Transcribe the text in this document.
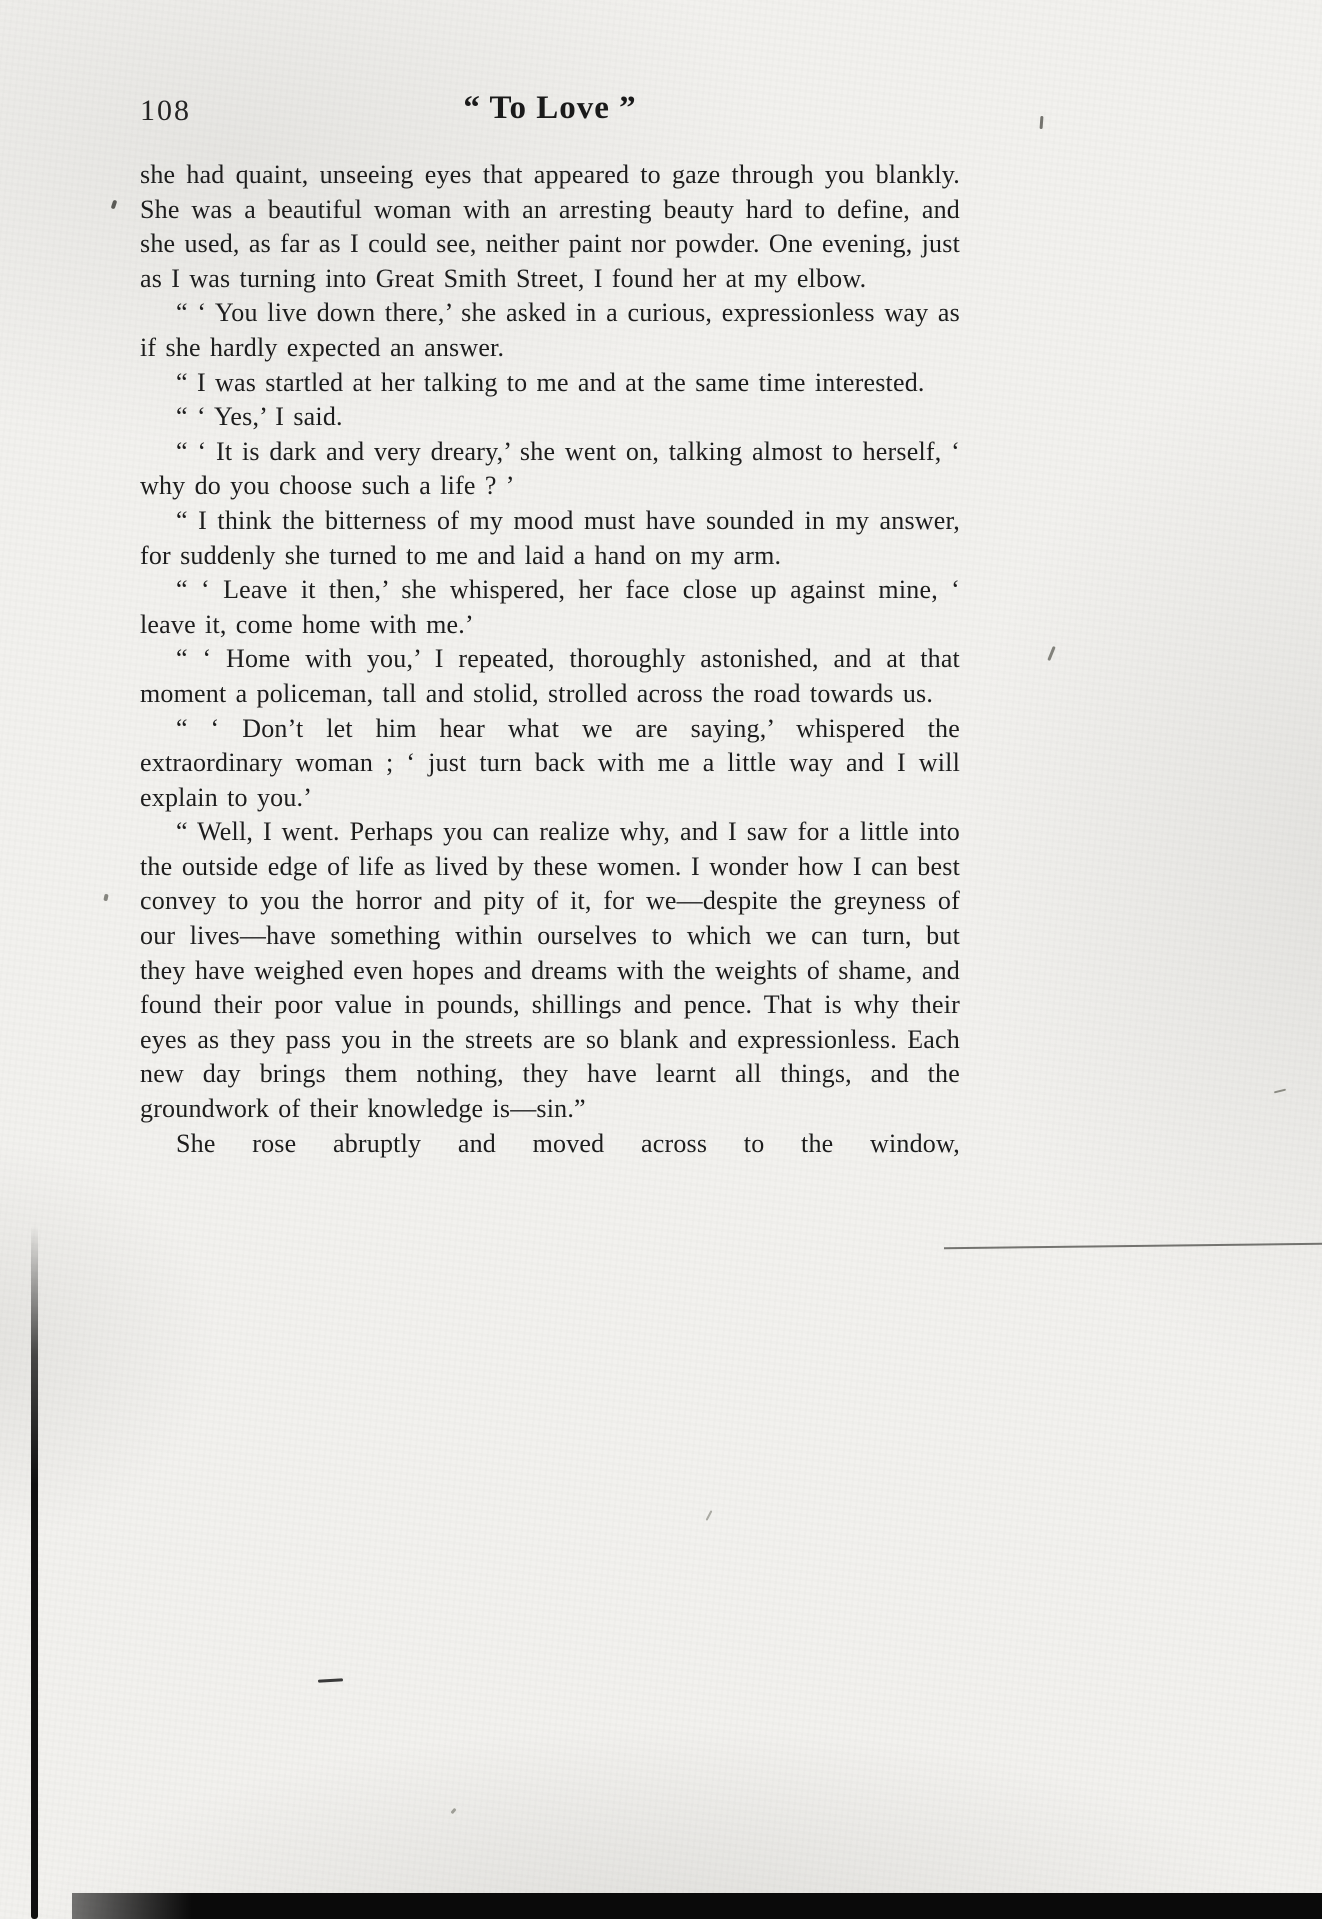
108	“ To Love ”

she had quaint, unseeing eyes that appeared to gaze through you blankly. She was a beautiful woman with an arresting beauty hard to define, and she used, as far as I could see, neither paint nor powder. One evening, just as I was turning into Great Smith Street, I found her at my elbow.

“ ‘ You live down there,’ she asked in a curious, expressionless way as if she hardly expected an answer.

“ I was startled at her talking to me and at the same time interested.

“ ‘ Yes,’ I said.

“ ‘ It is dark and very dreary,’ she went on, talking almost to herself, ‘ why do you choose such a life ? ’

“ I think the bitterness of my mood must have sounded in my answer, for suddenly she turned to me and laid a hand on my arm.

“ ‘ Leave it then,’ she whispered, her face close up against mine, ‘ leave it, come home with me.’

“ ‘ Home with you,’ I repeated, thoroughly astonished, and at that moment a policeman, tall and stolid, strolled across the road towards us.

“ ‘ Don’t let him hear what we are saying,’ whispered the extraordinary woman ; ‘ just turn back with me a little way and I will explain to you.’

“ Well, I went. Perhaps you can realize why, and I saw for a little into the outside edge of life as lived by these women. I wonder how I can best convey to you the horror and pity of it, for we—despite the greyness of our lives—have something within ourselves to which we can turn, but they have weighed even hopes and dreams with the weights of shame, and found their poor value in pounds, shillings and pence. That is why their eyes as they pass you in the streets are so blank and expressionless. Each new day brings them nothing, they have learnt all things, and the groundwork of their knowledge is—sin.”

She rose abruptly and moved across to the window,
